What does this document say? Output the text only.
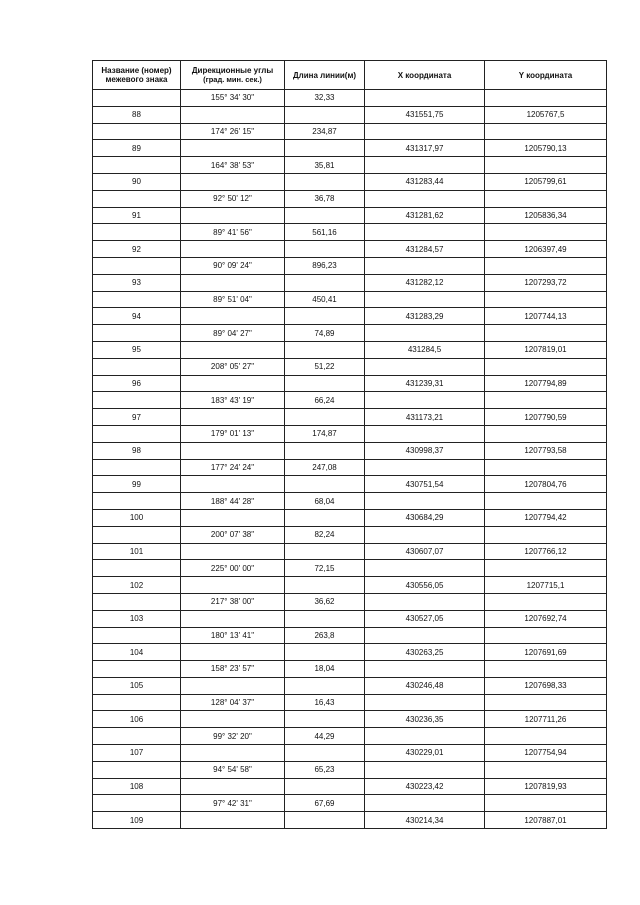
Название (номер) межевого знака	Дирекционные углы
(град. мин. сек.)	Длина линии(м)	X координата	Y координата
	155° 34' 30"	32,33		
88			431551,75	1205767,5
	174° 26' 15"	234,87		
89			431317,97	1205790,13
	164° 38' 53"	35,81		
90			431283,44	1205799,61
	92° 50' 12"	36,78		
91			431281,62	1205836,34
	89° 41' 56"	561,16		
92			431284,57	1206397,49
	90° 09' 24"	896,23		
93			431282,12	1207293,72
	89° 51' 04"	450,41		
94			431283,29	1207744,13
	89° 04' 27"	74,89		
95			431284,5	1207819,01
	208° 05' 27"	51,22		
96			431239,31	1207794,89
	183° 43' 19"	66,24		
97			431173,21	1207790,59
	179° 01' 13"	174,87		
98			430998,37	1207793,58
	177° 24' 24"	247,08		
99			430751,54	1207804,76
	188° 44' 28"	68,04		
100			430684,29	1207794,42
	200° 07' 38"	82,24		
101			430607,07	1207766,12
	225° 00' 00"	72,15		
102			430556,05	1207715,1
	217° 38' 00"	36,62		
103			430527,05	1207692,74
	180° 13' 41"	263,8		
104			430263,25	1207691,69
	158° 23' 57"	18,04		
105			430246,48	1207698,33
	128° 04' 37"	16,43		
106			430236,35	1207711,26
	99° 32' 20"	44,29		
107			430229,01	1207754,94
	94° 54' 58"	65,23		
108			430223,42	1207819,93
	97° 42' 31"	67,69		
109			430214,34	1207887,01
